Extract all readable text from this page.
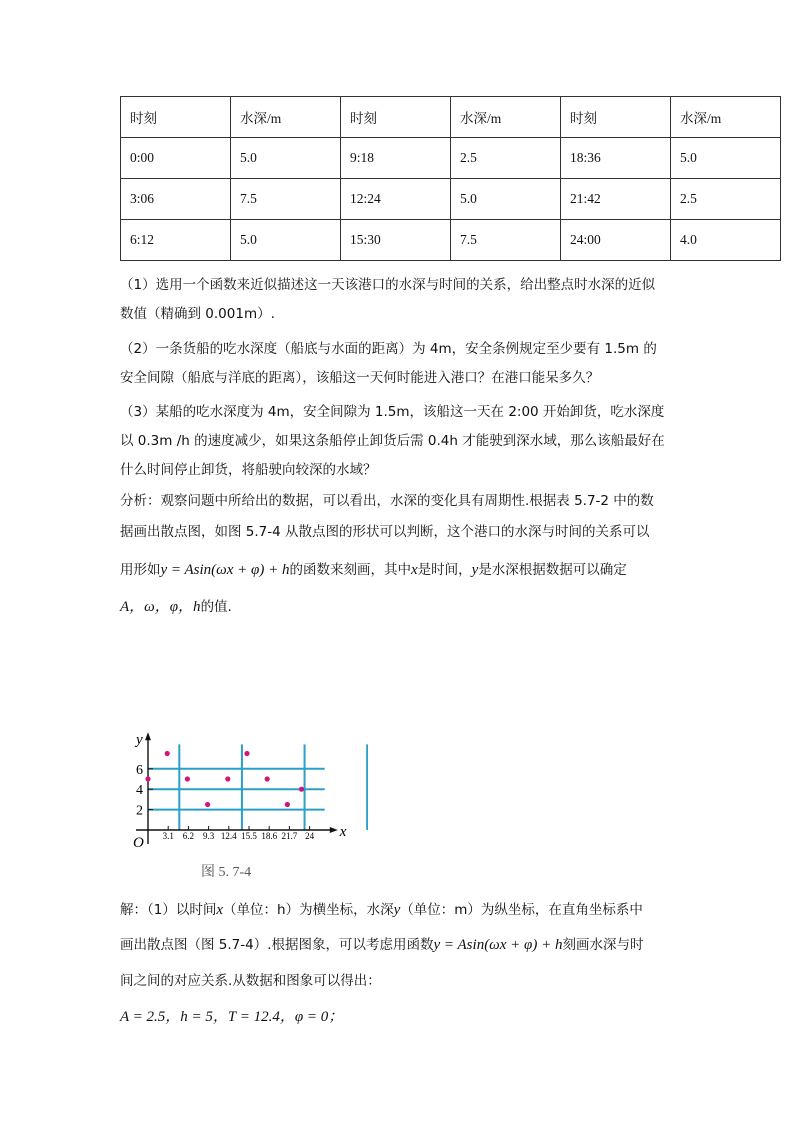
时刻	水深/m	时刻	水深/m	时刻	水深/m
0:00	5.0	9:18	2.5	18:36	5.0
3:06	7.5	12:24	5.0	21:42	2.5
6:12	5.0	15:30	7.5	24:00	4.0
（1）选用一个函数来近似描述这一天该港口的水深与时间的关系，给出整点时水深的近似
数值（精确到 0.001m）.
（2）一条货船的吃水深度（船底与水面的距离）为 4m，安全条例规定至少要有 1.5m 的
安全间隙（船底与洋底的距离），该船这一天何时能进入港口？在港口能呆多久？
（3）某船的吃水深度为 4m，安全间隙为 1.5m，该船这一天在 2:00 开始卸货，吃水深度
以 0.3m /h 的速度减少，如果这条船停止卸货后需 0.4h 才能驶到深水域，那么该船最好在
什么时间停止卸货，将船驶向较深的水域？
分析：观察问题中所给出的数据，可以看出，水深的变化具有周期性.根据表 5.7-2 中的数
据画出散点图，如图 5.7-4 从散点图的形状可以判断，这个港口的水深与时间的关系可以
用形如y = Asin(ωx + φ) + h的函数来刻画，其中x是时间，y是水深根据数据可以确定
A，ω，φ，h的值.
x
y
O
2
4
6
3.1 6.2 9.3 12.4 15.5 18.6 21.7 24
图 5. 7-4
解：（1）以时间x（单位：h）为横坐标，水深y（单位：m）为纵坐标，在直角坐标系中
画出散点图（图 5.7-4）.根据图象，可以考虑用函数y = Asin(ωx + φ) + h刻画水深与时
间之间的对应关系.从数据和图象可以得出：
A = 2.5，h = 5，T = 12.4，φ = 0；
